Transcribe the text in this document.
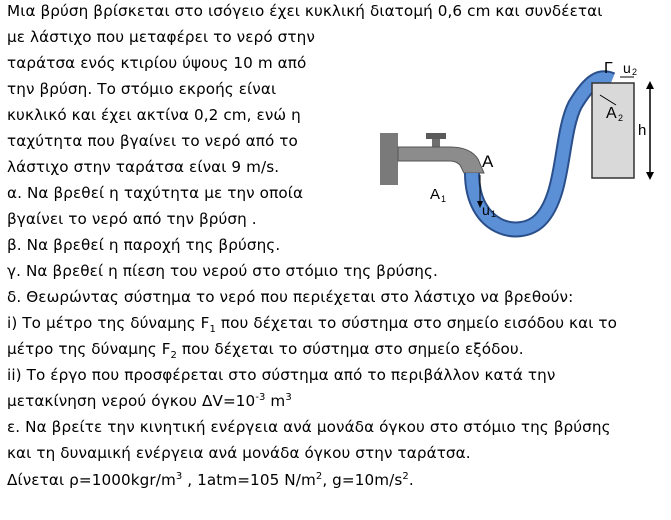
Μια βρύση βρίσκεται στο ισόγειο έχει κυκλική διατομή 0,6 cm και συνδέεται
με λάστιχο που μεταφέρει το νερό στην
ταράτσα ενός κτιρίου ύψους 10 m από
την βρύση. Το στόμιο εκροής είναι
κυκλικό και έχει ακτίνα 0,2 cm, ενώ η
ταχύτητα που βγαίνει το νερό από το
λάστιχο στην ταράτσα είναι 9 m/s.
α. Να βρεθεί η ταχύτητα με την οποία
βγαίνει το νερό από την βρύση .
β. Να βρεθεί η παροχή της βρύσης.
γ. Να βρεθεί η πίεση του νερού στο στόμιο της βρύσης.
δ. Θεωρώντας σύστημα το νερό που περιέχεται στο λάστιχο να βρεθούν:
i) Το μέτρο της δύναμης $F_1$ που δέχεται το σύστημα στο σημείο εισόδου και το
μέτρο της δύναμης $F_2$ που δέχεται το σύστημα στο σημείο εξόδου.
ii) Το έργο που προσφέρεται στο σύστημα από το περιβάλλον κατά την
μετακίνηση νερού όγκου $\Delta V=10^{-3}$ $m^3$
ε. Να βρείτε την κινητική ενέργεια ανά μονάδα όγκου στο στόμιο της βρύσης
και τη δυναμική ενέργεια ανά μονάδα όγκου στην ταράτσα.
Δίνεται $\rho=1000kgr/m^3$ , 1atm=105 $N/m^2$, $g=10m/s^2$.
A
A 1
u 1
Γ u 2
A 2
h
